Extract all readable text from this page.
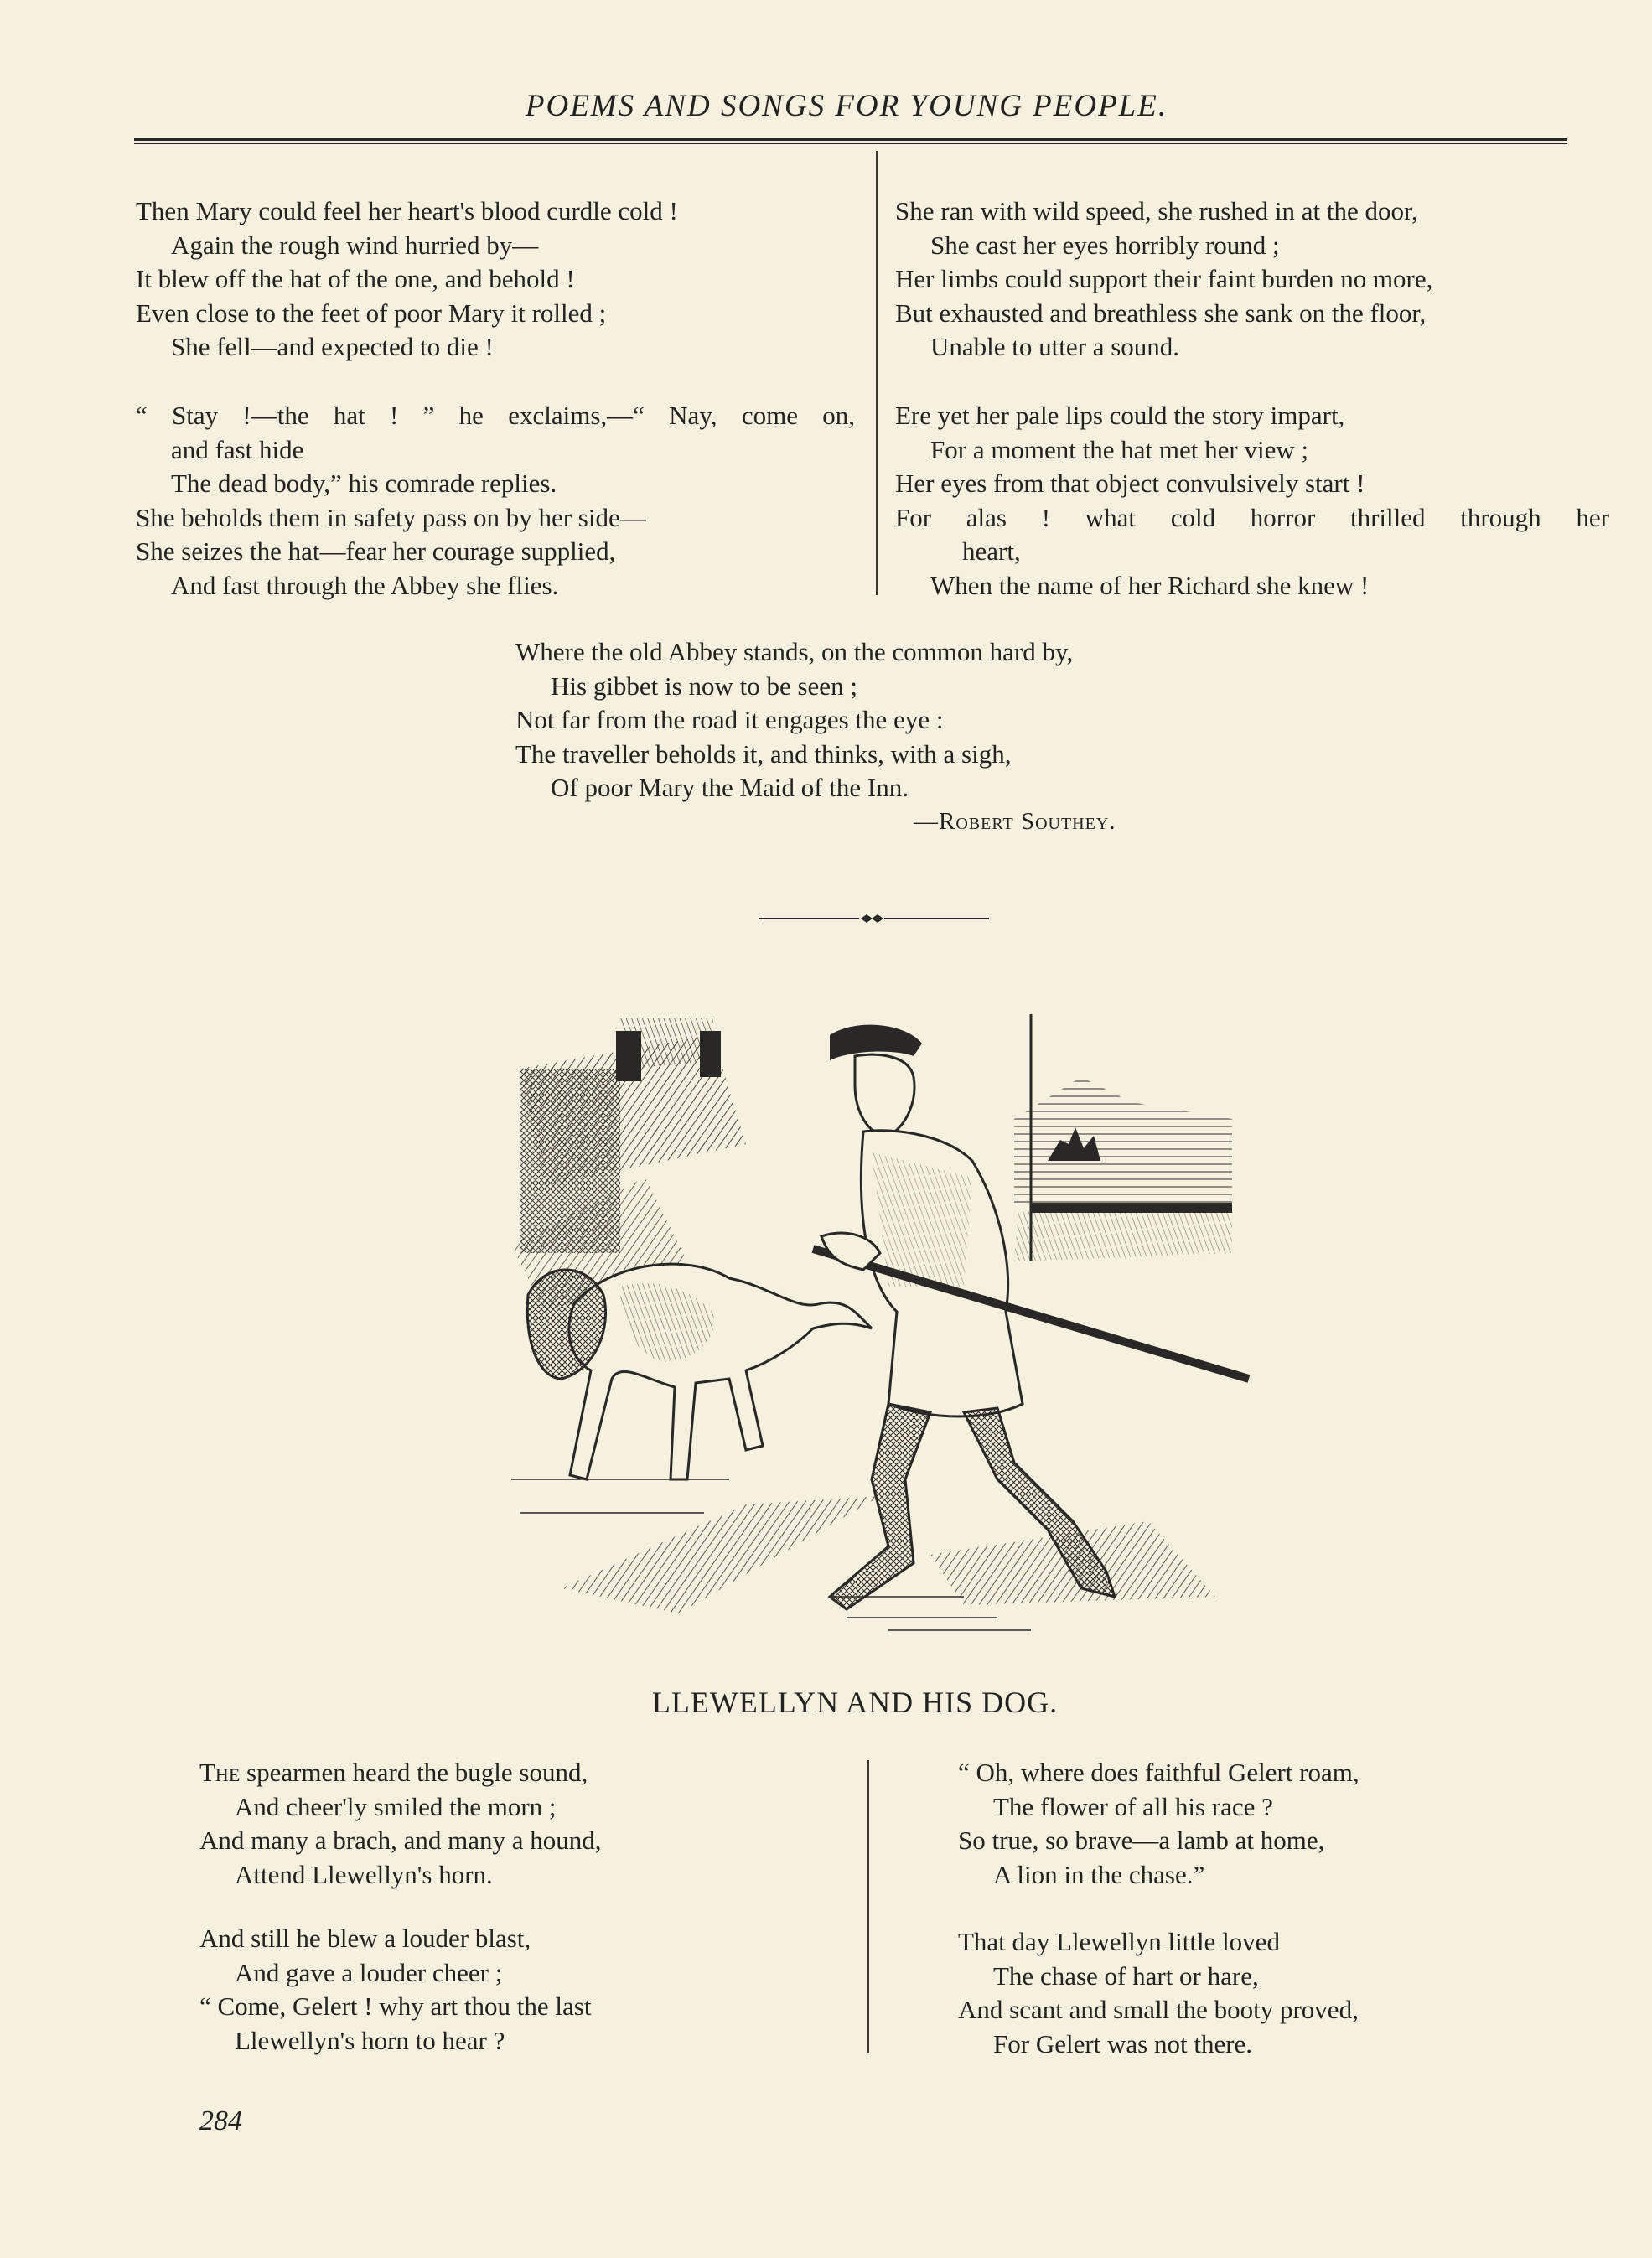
POEMS AND SONGS FOR YOUNG PEOPLE.
Then Mary could feel her heart's blood curdle cold !
Again the rough wind hurried by—
It blew off the hat of the one, and behold !
Even close to the feet of poor Mary it rolled ;
She fell—and expected to die !
“ Stay !—the hat ! ” he exclaims,—“ Nay, come on,
and fast hide
The dead body,” his comrade replies.
She beholds them in safety pass on by her side—
She seizes the hat—fear her courage supplied,
And fast through the Abbey she flies.
She ran with wild speed, she rushed in at the door,
She cast her eyes horribly round ;
Her limbs could support their faint burden no more,
But exhausted and breathless she sank on the floor,
Unable to utter a sound.
Ere yet her pale lips could the story impart,
For a moment the hat met her view ;
Her eyes from that object convulsively start !
For alas ! what cold horror thrilled through her
heart,
When the name of her Richard she knew !
Where the old Abbey stands, on the common hard by,
His gibbet is now to be seen ;
Not far from the road it engages the eye :
The traveller beholds it, and thinks, with a sigh,
Of poor Mary the Maid of the Inn.
—Robert Southey.
LLEWELLYN AND HIS DOG.
The spearmen heard the bugle sound,
And cheer'ly smiled the morn ;
And many a brach, and many a hound,
Attend Llewellyn's horn.
And still he blew a louder blast,
And gave a louder cheer ;
“ Come, Gelert ! why art thou the last
Llewellyn's horn to hear ?
“ Oh, where does faithful Gelert roam,
The flower of all his race ?
So true, so brave—a lamb at home,
A lion in the chase.”
That day Llewellyn little loved
The chase of hart or hare,
And scant and small the booty proved,
For Gelert was not there.
284
